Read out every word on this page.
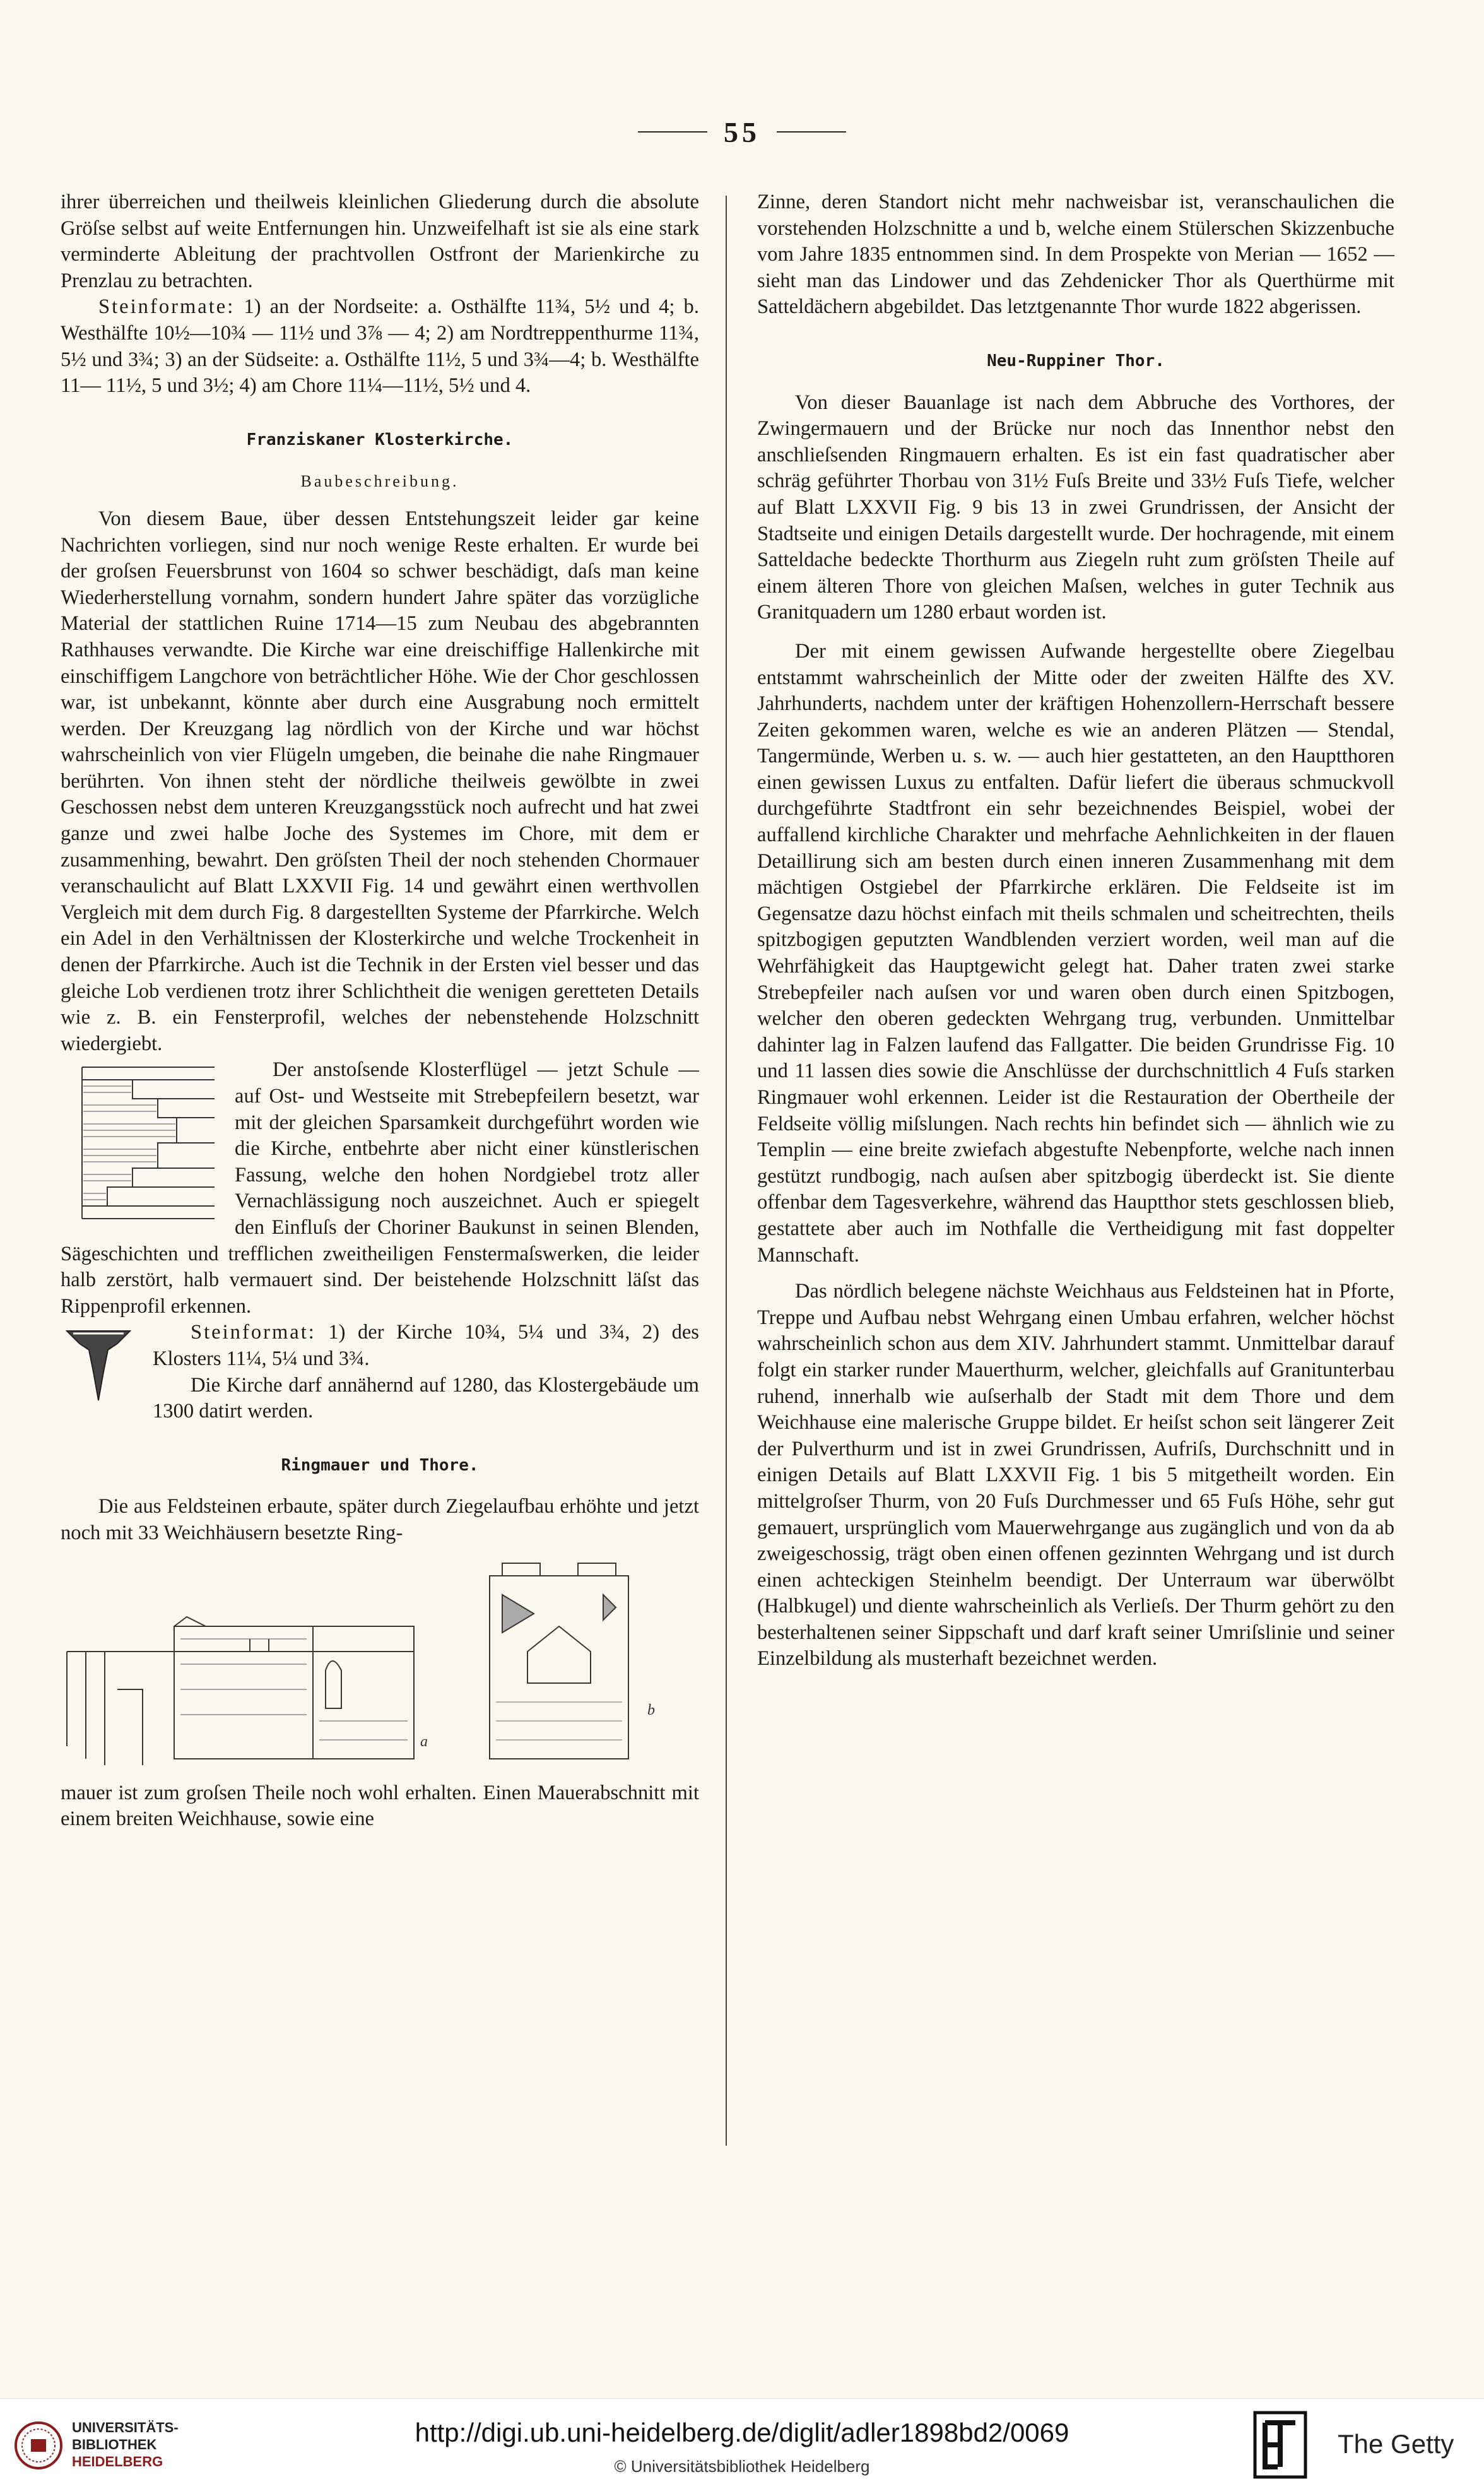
55

ihrer überreichen und theilweis kleinlichen Gliederung durch die absolute Gröſse selbst auf weite Entfernungen hin. Unzweifelhaft ist sie als eine stark verminderte Ableitung der prachtvollen Ostfront der Marienkirche zu Prenzlau zu betrachten.

Steinformate: 1) an der Nordseite: a. Osthälfte 11¾, 5½ und 4; b. Westhälfte 10½—10¾ — 11½ und 3⅞ — 4; 2) am Nordtreppenthurme 11¾, 5½ und 3¾; 3) an der Südseite: a. Osthälfte 11½, 5 und 3¾—4; b. Westhälfte 11— 11½, 5 und 3½; 4) am Chore 11¼—11½, 5½ und 4.

Franziskaner Klosterkirche.
Baubeschreibung.

Von diesem Baue, über dessen Entstehungszeit leider gar keine Nachrichten vorliegen, sind nur noch wenige Reste erhalten. Er wurde bei der groſsen Feuersbrunst von 1604 so schwer beschädigt, daſs man keine Wiederherstellung vornahm, sondern hundert Jahre später das vorzügliche Material der stattlichen Ruine 1714—15 zum Neubau des abgebrannten Rathhauses verwandte. Die Kirche war eine dreischiffige Hallenkirche mit einschiffigem Langchore von beträchtlicher Höhe. Wie der Chor geschlossen war, ist unbekannt, könnte aber durch eine Ausgrabung noch ermittelt werden. Der Kreuzgang lag nördlich von der Kirche und war höchst wahrscheinlich von vier Flügeln umgeben, die beinahe die nahe Ringmauer berührten. Von ihnen steht der nördliche theilweis gewölbte in zwei Geschossen nebst dem unteren Kreuzgangsstück noch aufrecht und hat zwei ganze und zwei halbe Joche des Systemes im Chore, mit dem er zusammenhing, bewahrt. Den gröſsten Theil der noch stehenden Chormauer veranschaulicht auf Blatt LXXVII Fig. 14 und gewährt einen werthvollen Vergleich mit dem durch Fig. 8 dargestellten Systeme der Pfarrkirche. Welch ein Adel in den Verhältnissen der Klosterkirche und welche Trockenheit in denen der Pfarrkirche. Auch ist die Technik in der Ersten viel besser und das gleiche Lob verdienen trotz ihrer Schlichtheit die wenigen geretteten Details wie z. B. ein Fensterprofil, welches der nebenstehende Holzschnitt wiedergiebt.

Der anstoſsende Klosterflügel — jetzt Schule — auf Ost- und Westseite mit Strebepfeilern besetzt, war mit der gleichen Sparsamkeit durchgeführt worden wie die Kirche, entbehrte aber nicht einer künstlerischen Fassung, welche den hohen Nordgiebel trotz aller Vernachlässigung noch auszeichnet. Auch er spiegelt den Einfluſs der Choriner Baukunst in seinen Blenden, Sägeschichten und trefflichen zweitheiligen Fenstermaſswerken, die leider halb zerstört, halb vermauert sind. Der beistehende Holzschnitt läſst das Rippenprofil erkennen.

Steinformat: 1) der Kirche 10¾, 5¼ und 3¾, 2) des Klosters 11¼, 5¼ und 3¾.

Die Kirche darf annähernd auf 1280, das Klostergebäude um 1300 datirt werden.

Ringmauer und Thore.

Die aus Feldsteinen erbaute, später durch Ziegelaufbau erhöhte und jetzt noch mit 33 Weichhäusern besetzte Ring-

a
b

mauer ist zum groſsen Theile noch wohl erhalten. Einen Mauerabschnitt mit einem breiten Weichhause, sowie eine

Zinne, deren Standort nicht mehr nachweisbar ist, veranschaulichen die vorstehenden Holzschnitte a und b, welche einem Stülerschen Skizzenbuche vom Jahre 1835 entnommen sind. In dem Prospekte von Merian — 1652 — sieht man das Lindower und das Zehdenicker Thor als Querthürme mit Satteldächern abgebildet. Das letztgenannte Thor wurde 1822 abgerissen.

Neu-Ruppiner Thor.

Von dieser Bauanlage ist nach dem Abbruche des Vorthores, der Zwingermauern und der Brücke nur noch das Innenthor nebst den anschlieſsenden Ringmauern erhalten. Es ist ein fast quadratischer aber schräg geführter Thorbau von 31½ Fuſs Breite und 33½ Fuſs Tiefe, welcher auf Blatt LXXVII Fig. 9 bis 13 in zwei Grundrissen, der Ansicht der Stadtseite und einigen Details dargestellt wurde. Der hochragende, mit einem Satteldache bedeckte Thorthurm aus Ziegeln ruht zum gröſsten Theile auf einem älteren Thore von gleichen Maſsen, welches in guter Technik aus Granitquadern um 1280 erbaut worden ist.

Der mit einem gewissen Aufwande hergestellte obere Ziegelbau entstammt wahrscheinlich der Mitte oder der zweiten Hälfte des XV. Jahrhunderts, nachdem unter der kräftigen Hohenzollern-Herrschaft bessere Zeiten gekommen waren, welche es wie an anderen Plätzen — Stendal, Tangermünde, Werben u. s. w. — auch hier gestatteten, an den Hauptthoren einen gewissen Luxus zu entfalten. Dafür liefert die überaus schmuckvoll durchgeführte Stadtfront ein sehr bezeichnendes Beispiel, wobei der auffallend kirchliche Charakter und mehrfache Aehnlichkeiten in der flauen Detaillirung sich am besten durch einen inneren Zusammenhang mit dem mächtigen Ostgiebel der Pfarrkirche erklären. Die Feldseite ist im Gegensatze dazu höchst einfach mit theils schmalen und scheitrechten, theils spitzbogigen geputzten Wandblenden verziert worden, weil man auf die Wehrfähigkeit das Hauptgewicht gelegt hat. Daher traten zwei starke Strebepfeiler nach auſsen vor und waren oben durch einen Spitzbogen, welcher den oberen gedeckten Wehrgang trug, verbunden. Unmittelbar dahinter lag in Falzen laufend das Fallgatter. Die beiden Grundrisse Fig. 10 und 11 lassen dies sowie die Anschlüsse der durchschnittlich 4 Fuſs starken Ringmauer wohl erkennen. Leider ist die Restauration der Obertheile der Feldseite völlig miſslungen. Nach rechts hin befindet sich — ähnlich wie zu Templin — eine breite zwiefach abgestufte Nebenpforte, welche nach innen gestützt rundbogig, nach auſsen aber spitzbogig überdeckt ist. Sie diente offenbar dem Tagesverkehre, während das Hauptthor stets geschlossen blieb, gestattete aber auch im Nothfalle die Vertheidigung mit fast doppelter Mannschaft.

Das nördlich belegene nächste Weichhaus aus Feldsteinen hat in Pforte, Treppe und Aufbau nebst Wehrgang einen Umbau erfahren, welcher höchst wahrscheinlich schon aus dem XIV. Jahrhundert stammt. Unmittelbar darauf folgt ein starker runder Mauerthurm, welcher, gleichfalls auf Granitunterbau ruhend, innerhalb wie auſserhalb der Stadt mit dem Thore und dem Weichhause eine malerische Gruppe bildet. Er heiſst schon seit längerer Zeit der Pulverthurm und ist in zwei Grundrissen, Aufriſs, Durchschnitt und in einigen Details auf Blatt LXXVII Fig. 1 bis 5 mitgetheilt worden. Ein mittelgroſser Thurm, von 20 Fuſs Durchmesser und 65 Fuſs Höhe, sehr gut gemauert, ursprünglich vom Mauerwehrgange aus zugänglich und von da ab zweigeschossig, trägt oben einen offenen gezinnten Wehrgang und ist durch einen achteckigen Steinhelm beendigt. Der Unterraum war überwölbt (Halbkugel) und diente wahrscheinlich als Verlieſs. Der Thurm gehört zu den besterhaltenen seiner Sippschaft und darf kraft seiner Umriſslinie und seiner Einzelbildung als musterhaft bezeichnet werden.

UNIVERSITÄTS-
BIBLIOTHEK
HEIDELBERG
http://digi.ub.uni-heidelberg.de/diglit/adler1898bd2/0069
© Universitätsbibliothek Heidelberg
The Getty
